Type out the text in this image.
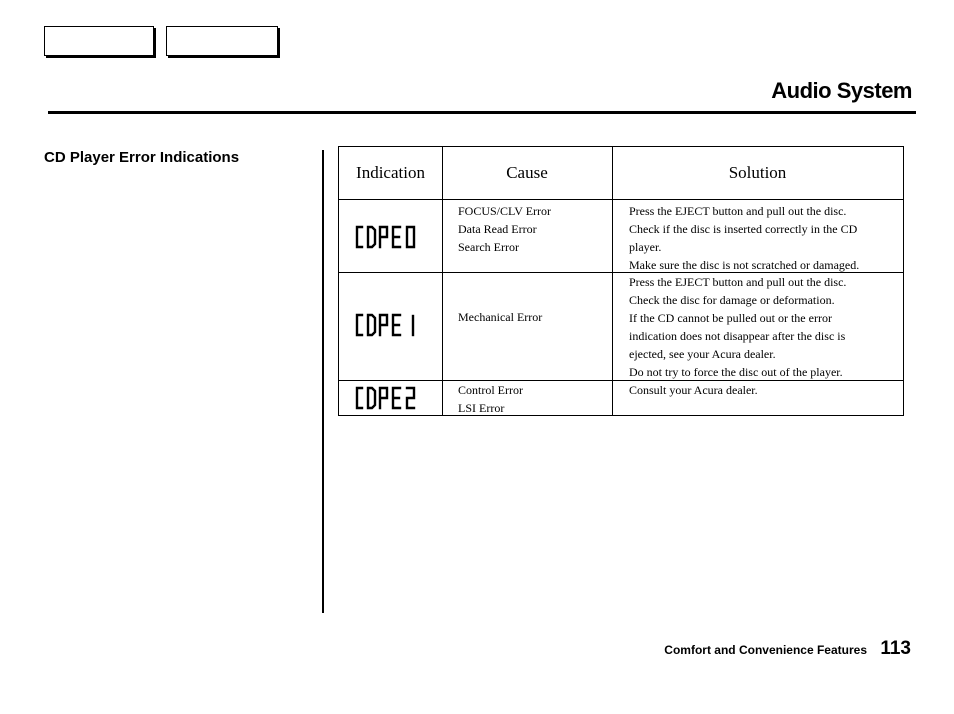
Audio System
CD Player Error Indications
Indication	Cause	Solution
FOCUS/CLV Error
Data Read Error
Search Error
Press the EJECT button and pull out the disc.
Check if the disc is inserted correctly in the CD
player.
Make sure the disc is not scratched or damaged.
Mechanical Error
Press the EJECT button and pull out the disc.
Check the disc for damage or deformation.
If the CD cannot be pulled out or the error
indication does not disappear after the disc is
ejected, see your Acura dealer.
Do not try to force the disc out of the player.
Control Error
LSI Error
Consult your Acura dealer.
Comfort and Convenience Features 113
